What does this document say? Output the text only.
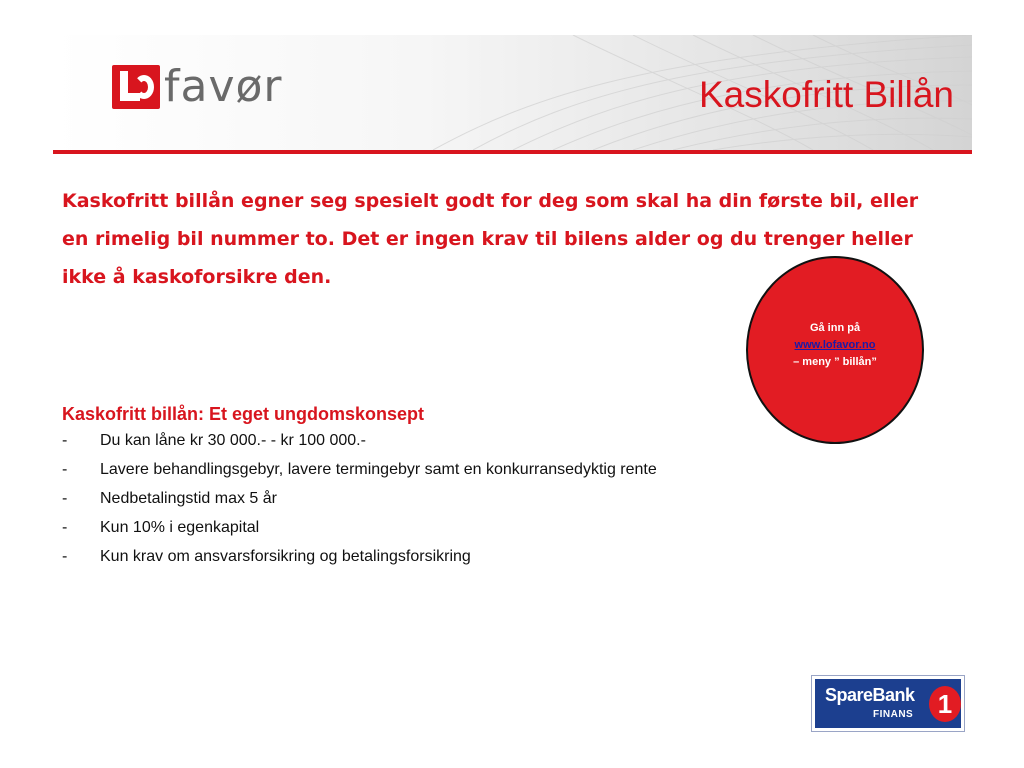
favør	Kaskofritt Billån
Kaskofritt billån egner seg spesielt godt for deg som skal ha din første bil, eller en rimelig bil nummer to. Det er ingen krav til bilens alder og du trenger heller ikke å kaskoforsikre den.
Gå inn på
www.lofavor.no
– meny ” billån”
Kaskofritt billån: Et eget ungdomskonsept
-	Du kan låne kr 30 000.- - kr 100 000.-
-	Lavere behandlingsgebyr, lavere termingebyr samt en konkurransedyktig rente
-	Nedbetalingstid max 5 år
-	Kun 10% i egenkapital
-	Kun krav om ansvarsforsikring og betalingsforsikring
SpareBank
FINANS 1
